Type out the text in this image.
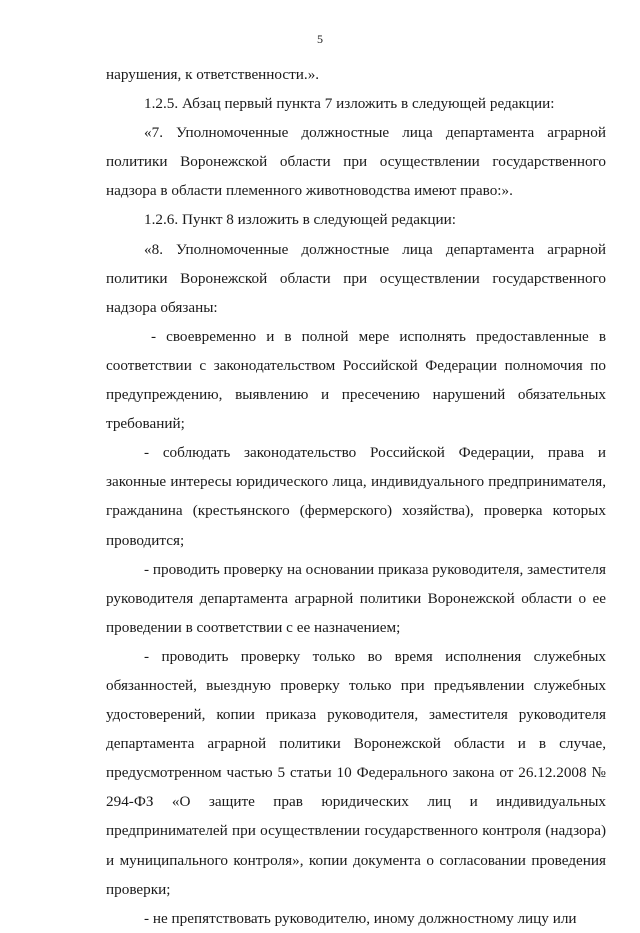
5

нарушения, к ответственности.».

1.2.5. Абзац первый пункта 7 изложить в следующей редакции:

«7. Уполномоченные должностные лица департамента аграрной политики Воронежской области при осуществлении государственного надзора в области племенного животноводства имеют право:».

1.2.6. Пункт 8 изложить в следующей редакции:

«8. Уполномоченные должностные лица департамента аграрной политики Воронежской области при осуществлении государственного надзора обязаны:

- своевременно и в полной мере исполнять предоставленные в соответствии с законодательством Российской Федерации полномочия по предупреждению, выявлению и пресечению нарушений обязательных требований;

- соблюдать законодательство Российской Федерации, права и законные интересы юридического лица, индивидуального предпринимателя, гражданина (крестьянского (фермерского) хозяйства), проверка которых проводится;

- проводить проверку на основании приказа руководителя, заместителя руководителя департамента аграрной политики Воронежской области о ее проведении в соответствии с ее назначением;

- проводить проверку только во время исполнения служебных обязанностей, выездную проверку только при предъявлении служебных удостоверений, копии приказа руководителя, заместителя руководителя департамента аграрной политики Воронежской области и в случае, предусмотренном частью 5 статьи 10 Федерального закона от 26.12.2008 № 294-ФЗ «О защите прав юридических лиц и индивидуальных предпринимателей при осуществлении государственного контроля (надзора) и муниципального контроля», копии документа о согласовании проведения проверки;

- не препятствовать руководителю, иному должностному лицу или
